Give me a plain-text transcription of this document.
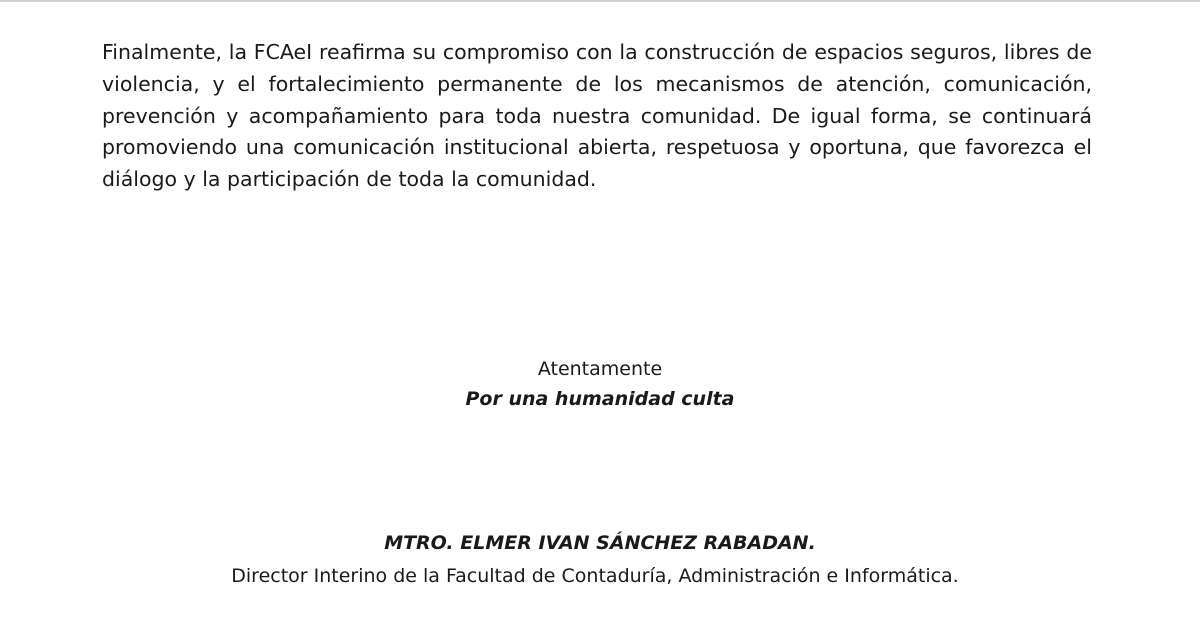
Finalmente, la FCAeI reafirma su compromiso con la construcción de espacios seguros, libres de violencia, y el fortalecimiento permanente de los mecanismos de atención, comunicación, prevención y acompañamiento para toda nuestra comunidad. De igual forma, se continuará promoviendo una comunicación institucional abierta, respetuosa y oportuna, que favorezca el diálogo y la participación de toda la comunidad.

Atentamente
Por una humanidad culta
MTRO. ELMER IVAN SÁNCHEZ RABADAN.
Director Interino de la Facultad de Contaduría, Administración e Informática.
